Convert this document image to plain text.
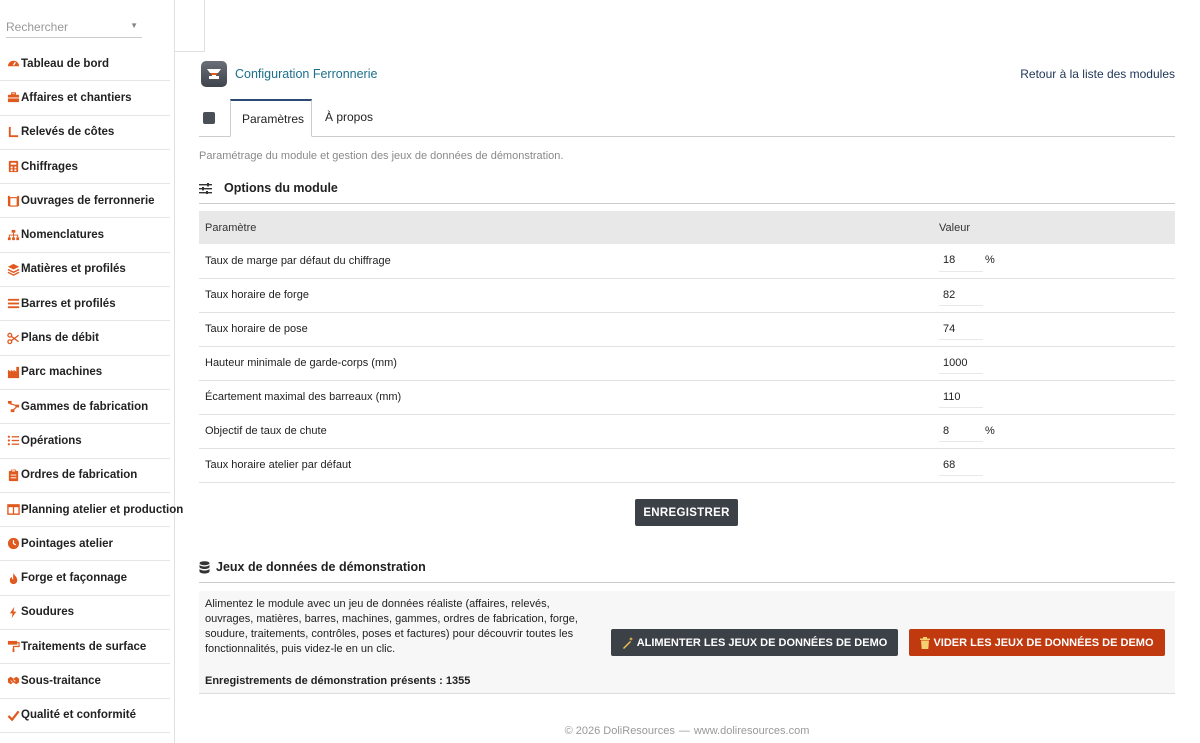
Rechercher	▼
Tableau de bord
Affaires et chantiers
Relevés de côtes
Chiffrages
Ouvrages de ferronnerie
Nomenclatures
Matières et profilés
Barres et profilés
Plans de débit
Parc machines
Gammes de fabrication
Opérations
Ordres de fabrication
Planning atelier et production
Pointages atelier
Forge et façonnage
Soudures
Traitements de surface
Sous-traitance
Qualité et conformité
Configuration Ferronnerie	Retour à la liste des modules
Paramètres	À propos
Paramétrage du module et gestion des jeux de données de démonstration.
Options du module
Paramètre	Valeur
Taux de marge par défaut du chiffrage	18%

Taux horaire de forge	82
Taux horaire de pose	74
Hauteur minimale de garde-corps (mm)	1000
Écartement maximal des barreaux (mm)	110
Objectif de taux de chute	8%

Taux horaire atelier par défaut	68
ENREGISTRER
Jeux de données de démonstration
Alimentez le module avec un jeu de données réaliste (affaires, relevés, ouvrages, matières, barres, machines, gammes, ordres de fabrication, forge, soudure, traitements, contrôles, poses et factures) pour découvrir toutes les fonctionnalités, puis videz-le en un clic.
Enregistrements de démonstration présents : 1355
ALIMENTER LES JEUX DE DONNÉES DE DEMO	VIDER LES JEUX DE DONNÉES DE DEMO
© 2026 DoliResources — www.doliresources.com
